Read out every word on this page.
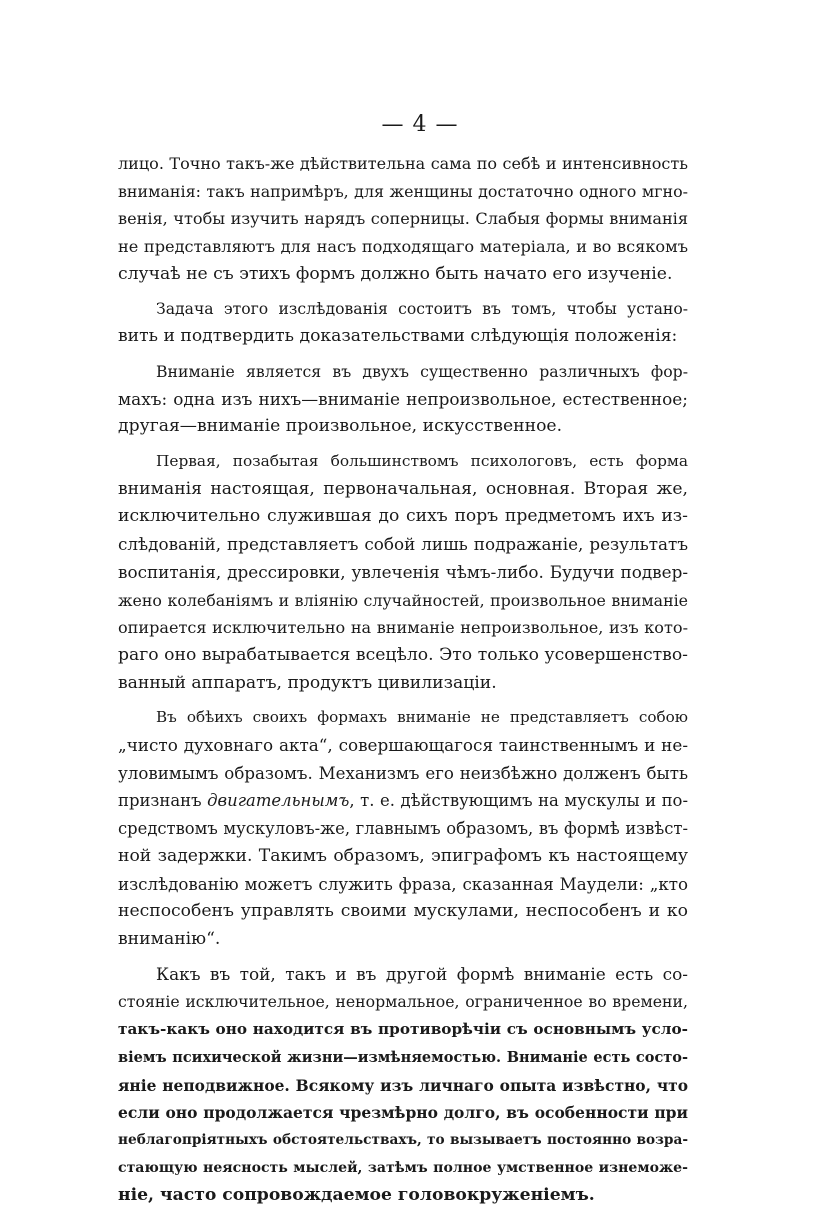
— 4 —

лицо. Точно такъ-же дѣйствительна сама по себѣ и интенсивность
вниманія: такъ напримѣръ, для женщины достаточно одного мгно-
венія, чтобы изучить нарядъ соперницы. Слабыя формы вниманія
не представляютъ для насъ подходящаго матеріала, и во всякомъ
случаѣ не съ этихъ формъ должно быть начато его изученіе.

Задача этого изслѣдованія состоитъ въ томъ, чтобы устано-
вить и подтвердить доказательствами слѣдующія положенія:

Вниманіе является въ двухъ существенно различныхъ фор-
махъ: одна изъ нихъ—вниманіе непроизвольное, естественное;
другая—вниманіе произвольное, искусственное.

Первая, позабытая большинствомъ психологовъ, есть форма
вниманія настоящая, первоначальная, основная. Вторая же,
исключительно служившая до сихъ поръ предметомъ ихъ из-
слѣдованій, представляетъ собой лишь подражаніе, результатъ
воспитанія, дрессировки, увлеченія чѣмъ-либо. Будучи подвер-
жено колебаніямъ и вліянію случайностей, произвольное вниманіе
опирается исключительно на вниманіе непроизвольное, изъ кото-
раго оно вырабатывается всецѣло. Это только усовершенство-
ванный аппаратъ, продуктъ цивилизаціи.

Въ обѣихъ своихъ формахъ вниманіе не представляетъ собою
„чисто духовнаго акта“, совершающагося таинственнымъ и не-
уловимымъ образомъ. Механизмъ его неизбѣжно долженъ быть
признанъ двигательнымъ, т. е. дѣйствующимъ на мускулы и по-
средствомъ мускуловъ-же, главнымъ образомъ, въ формѣ извѣст-
ной задержки. Такимъ образомъ, эпиграфомъ къ настоящему
изслѣдованію можетъ служить фраза, сказанная Маудели: „кто
неспособенъ управлять своими мускулами, неспособенъ и ко
вниманію“.

Какъ въ той, такъ и въ другой формѣ вниманіе есть со-
стояніе исключительное, ненормальное, ограниченное во времени,
такъ-какъ оно находится въ противорѣчіи съ основнымъ усло-
віемъ психической жизни—измѣняемостью. Вниманіе есть состо-
яніе неподвижное. Всякому изъ личнаго опыта извѣстно, что
если оно продолжается чрезмѣрно долго, въ особенности при
неблагопріятныхъ обстоятельствахъ, то вызываетъ постоянно возра-
стающую неясность мыслей, затѣмъ полное умственное изнеможе-
ніе, часто сопровождаемое головокруженіемъ.
